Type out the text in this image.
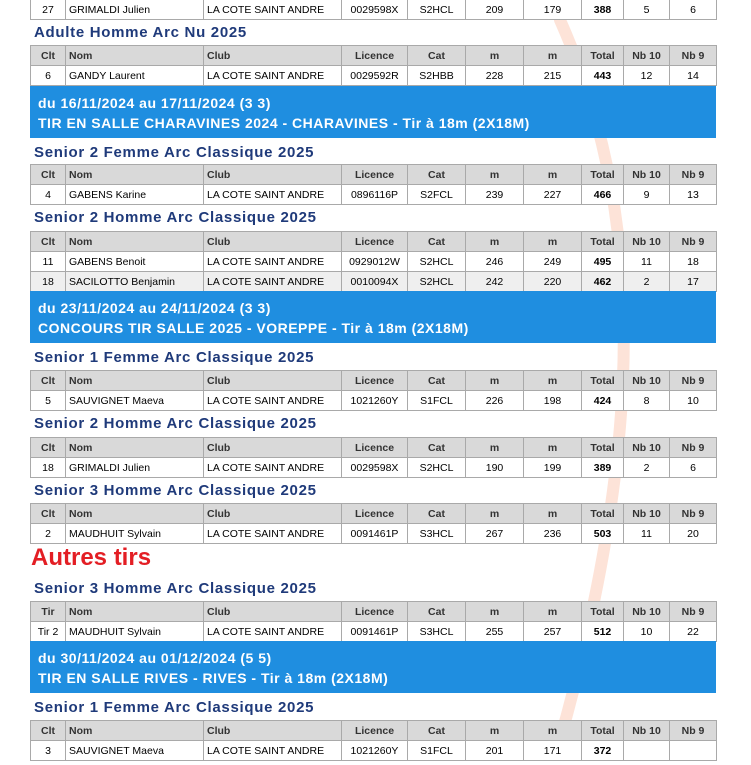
27	GRIMALDI Julien	LA COTE SAINT ANDRE	0029598X	S2HCL	209	179	388	5	6
Adulte Homme Arc Nu 2025
Clt	Nom	Club	Licence	Cat	m	m	Total	Nb 10	Nb 9
6	GANDY Laurent	LA COTE SAINT ANDRE	0029592R	S2HBB	228	215	443	12	14
du 16/11/2024 au 17/11/2024 (3 3)
TIR EN SALLE CHARAVINES 2024 - CHARAVINES - Tir à 18m (2X18M)
Senior 2 Femme Arc Classique 2025
Clt	Nom	Club	Licence	Cat	m	m	Total	Nb 10	Nb 9
4	GABENS Karine	LA COTE SAINT ANDRE	0896116P	S2FCL	239	227	466	9	13
Senior 2 Homme Arc Classique 2025
Clt	Nom	Club	Licence	Cat	m	m	Total	Nb 10	Nb 9
11	GABENS Benoit	LA COTE SAINT ANDRE	0929012W	S2HCL	246	249	495	11	18
18	SACILOTTO Benjamin	LA COTE SAINT ANDRE	0010094X	S2HCL	242	220	462	2	17
du 23/11/2024 au 24/11/2024 (3 3)
CONCOURS TIR SALLE 2025 - VOREPPE - Tir à 18m (2X18M)
Senior 1 Femme Arc Classique 2025
Clt	Nom	Club	Licence	Cat	m	m	Total	Nb 10	Nb 9
5	SAUVIGNET Maeva	LA COTE SAINT ANDRE	1021260Y	S1FCL	226	198	424	8	10
Senior 2 Homme Arc Classique 2025
Clt	Nom	Club	Licence	Cat	m	m	Total	Nb 10	Nb 9
18	GRIMALDI Julien	LA COTE SAINT ANDRE	0029598X	S2HCL	190	199	389	2	6
Senior 3 Homme Arc Classique 2025
Clt	Nom	Club	Licence	Cat	m	m	Total	Nb 10	Nb 9
2	MAUDHUIT Sylvain	LA COTE SAINT ANDRE	0091461P	S3HCL	267	236	503	11	20
Autres tirs
Senior 3 Homme Arc Classique 2025
Tir	Nom	Club	Licence	Cat	m	m	Total	Nb 10	Nb 9
Tir 2	MAUDHUIT Sylvain	LA COTE SAINT ANDRE	0091461P	S3HCL	255	257	512	10	22
du 30/11/2024 au 01/12/2024 (5 5)
TIR EN SALLE RIVES - RIVES - Tir à 18m (2X18M)
Senior 1 Femme Arc Classique 2025
Clt	Nom	Club	Licence	Cat	m	m	Total	Nb 10	Nb 9
3	SAUVIGNET Maeva	LA COTE SAINT ANDRE	1021260Y	S1FCL	201	171	372		
